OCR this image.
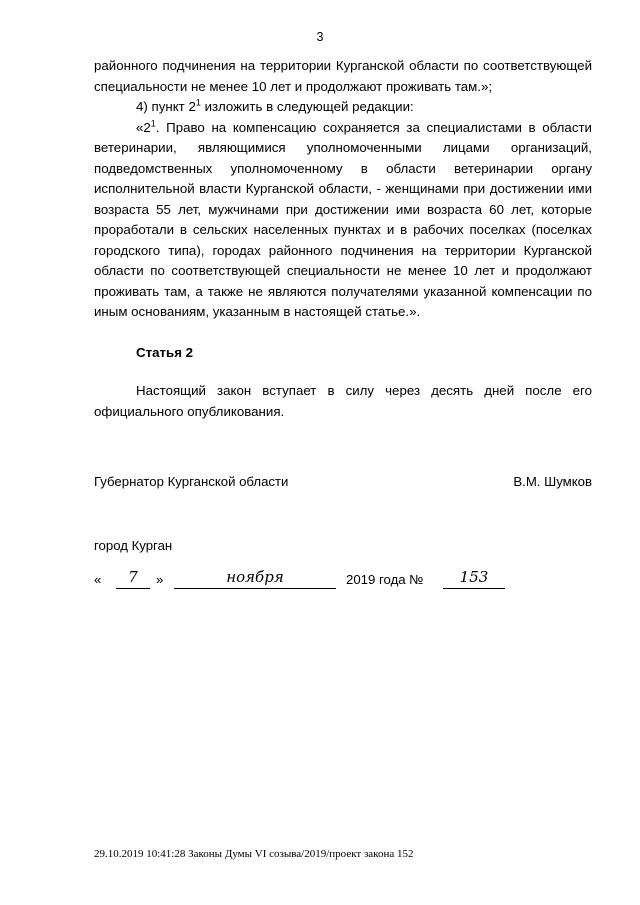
3

районного подчинения на территории Курганской области по соответствующей специальности не менее 10 лет и продолжают проживать там.»;

4) пункт $2^1$ изложить в следующей редакции:

«$2^1$. Право на компенсацию сохраняется за специалистами в области ветеринарии, являющимися уполномоченными лицами организаций, подведомственных уполномоченному в области ветеринарии органу исполнительной власти Курганской области, - женщинами при достижении ими возраста 55 лет, мужчинами при достижении ими возраста 60 лет, которые проработали в сельских населенных пунктах и в рабочих поселках (поселках городского типа), городах районного подчинения на территории Курганской области по соответствующей специальности не менее 10 лет и продолжают проживать там, а также не являются получателями указанной компенсации по иным основаниям, указанным в настоящей статье.».

Статья 2

Настоящий закон вступает в силу через десять дней после его официального опубликования.

Губернатор Курганской области	В.М. Шумков
город Курган
«	7	»	ноября	2019 года №	153
29.10.2019 10:41:28 Законы Думы VI созыва/2019/проект закона 152
